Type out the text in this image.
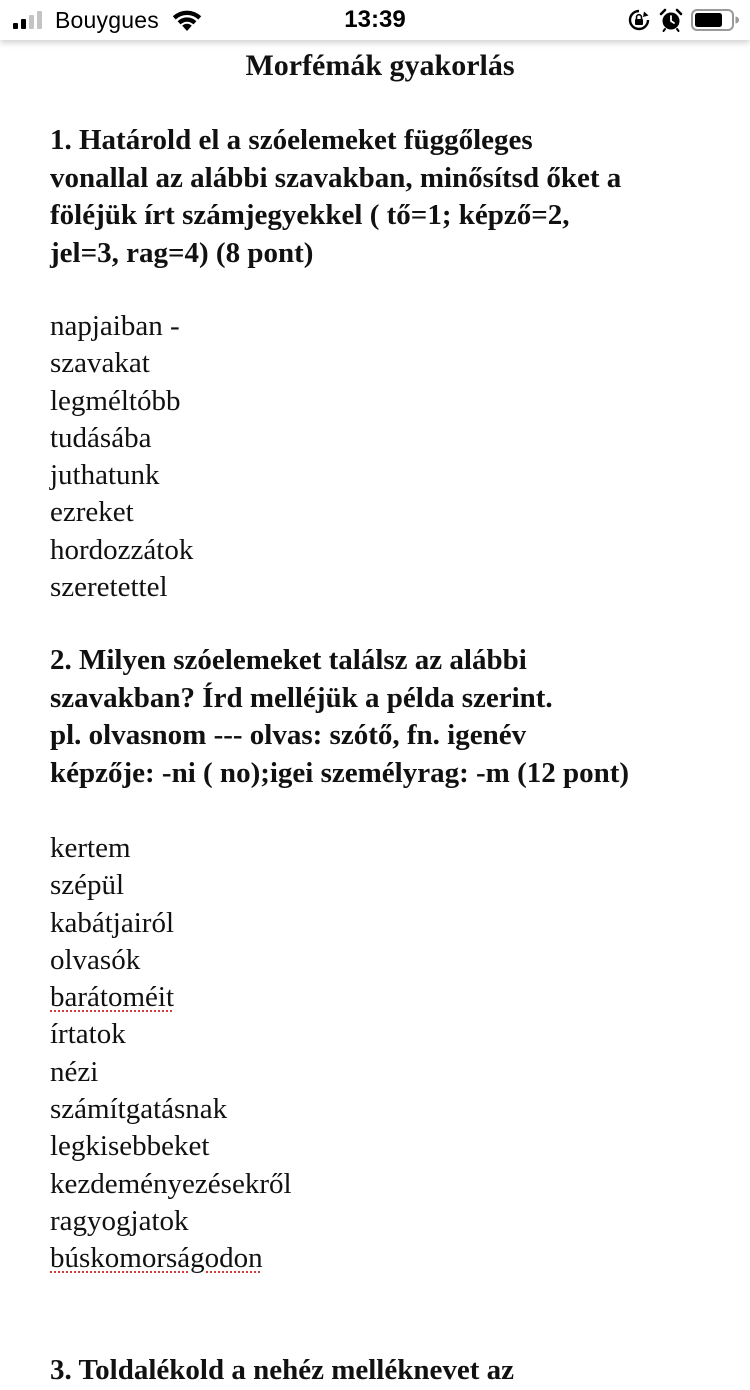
Bouygues	13:39
Morfémák gyakorlás
1. Határold el a szóelemeket függőleges
vonallal az alábbi szavakban, minősítsd őket a
föléjük írt számjegyekkel ( tő=1; képző=2,
jel=3, rag=4) (8 pont)
napjaiban -
szavakat
legméltóbb
tudásába
juthatunk
ezreket
hordozzátok
szeretettel
2. Milyen szóelemeket találsz az alábbi
szavakban? Írd melléjük a példa szerint.
pl. olvasnom --- olvas: szótő, fn. igenév
képzője: -ni ( no);igei személyrag: -m (12 pont)
kertem
szépül
kabátjairól
olvasók
barátoméit
írtatok
nézi
számítgatásnak
legkisebbeket
kezdeményezésekről
ragyogjatok
búskomorságodon
3. Toldalékold a nehéz melléknevet az
